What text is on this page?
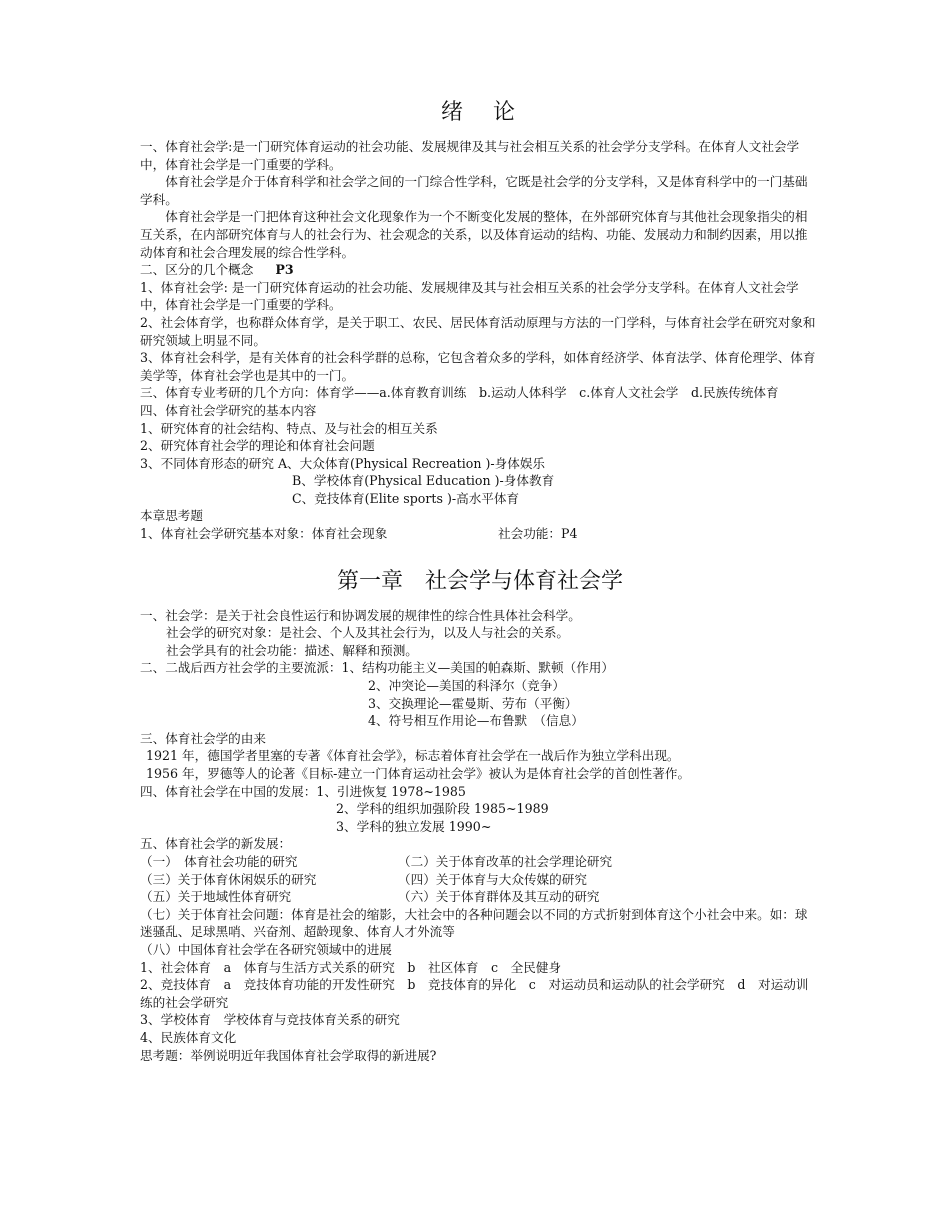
绪　论

一、体育社会学:是一门研究体育运动的社会功能、发展规律及其与社会相互关系的社会学分支学科。在体育人文社会学中，体育社会学是一门重要的学科。

体育社会学是介于体育科学和社会学之间的一门综合性学科，它既是社会学的分支学科，又是体育科学中的一门基础学科。

体育社会学是一门把体育这种社会文化现象作为一个不断变化发展的整体，在外部研究体育与其他社会现象指尖的相互关系，在内部研究体育与人的社会行为、社会观念的关系，以及体育运动的结构、功能、发展动力和制约因素，用以推动体育和社会合理发展的综合性学科。

二、区分的几个概念 P3

1、体育社会学: 是一门研究体育运动的社会功能、发展规律及其与社会相互关系的社会学分支学科。在体育人文社会学中，体育社会学是一门重要的学科。

2、社会体育学，也称群众体育学，是关于职工、农民、居民体育活动原理与方法的一门学科，与体育社会学在研究对象和研究领域上明显不同。

3、体育社会科学，是有关体育的社会科学群的总称，它包含着众多的学科，如体育经济学、体育法学、体育伦理学、体育美学等，体育社会学也是其中的一门。

三、体育专业考研的几个方向：体育学——a.体育教育训练　b.运动人体科学　c.体育人文社会学　d.民族传统体育

四、体育社会学研究的基本内容

1、研究体育的社会结构、特点、及与社会的相互关系

2、研究体育社会学的理论和体育社会问题

3、不同体育形态的研究 A、大众体育(Physical Recreation )-身体娱乐

B、学校体育(Physical Education )-身体教育

C、竞技体育(Elite sports )-高水平体育

本章思考题

1、体育社会学研究基本对象：体育社会现象	社会功能：P4

第一章　社会学与体育社会学

一、社会学：是关于社会良性运行和协调发展的规律性的综合性具体社会科学。

社会学的研究对象：是社会、个人及其社会行为，以及人与社会的关系。

社会学具有的社会功能：描述、解释和预测。

二、二战后西方社会学的主要流派：1、结构功能主义—美国的帕森斯、默顿（作用）

2、冲突论—美国的科泽尔（竞争）

3、交换理论—霍曼斯、劳布（平衡）

4、符号相互作用论—布鲁默　（信息）

三、体育社会学的由来

1921 年，德国学者里塞的专著《体育社会学》，标志着体育社会学在一战后作为独立学科出现。

1956 年，罗德等人的论著《目标-建立一门体育运动社会学》被认为是体育社会学的首创性著作。

四、体育社会学在中国的发展：1、引进恢复 1978~1985

2、学科的组织加强阶段 1985~1989

3、学科的独立发展 1990~

五、体育社会学的新发展：

（一）　体育社会功能的研究	（二）关于体育改革的社会学理论研究
（三）关于体育休闲娱乐的研究	（四）关于体育与大众传媒的研究
（五）关于地域性体育研究	（六）关于体育群体及其互动的研究

（七）关于体育社会问题：体育是社会的缩影，大社会中的各种问题会以不同的方式折射到体育这个小社会中来。如：球迷骚乱、足球黑哨、兴奋剂、超龄现象、体育人才外流等

（八）中国体育社会学在各研究领域中的进展

1、社会体育　a　体育与生活方式关系的研究　b　社区体育　c　全民健身

2、竞技体育　a　竞技体育功能的开发性研究　b　竞技体育的异化　c　对运动员和运动队的社会学研究　d　对运动训练的社会学研究

3、学校体育　学校体育与竞技体育关系的研究

4、民族体育文化

思考题：举例说明近年我国体育社会学取得的新进展?
